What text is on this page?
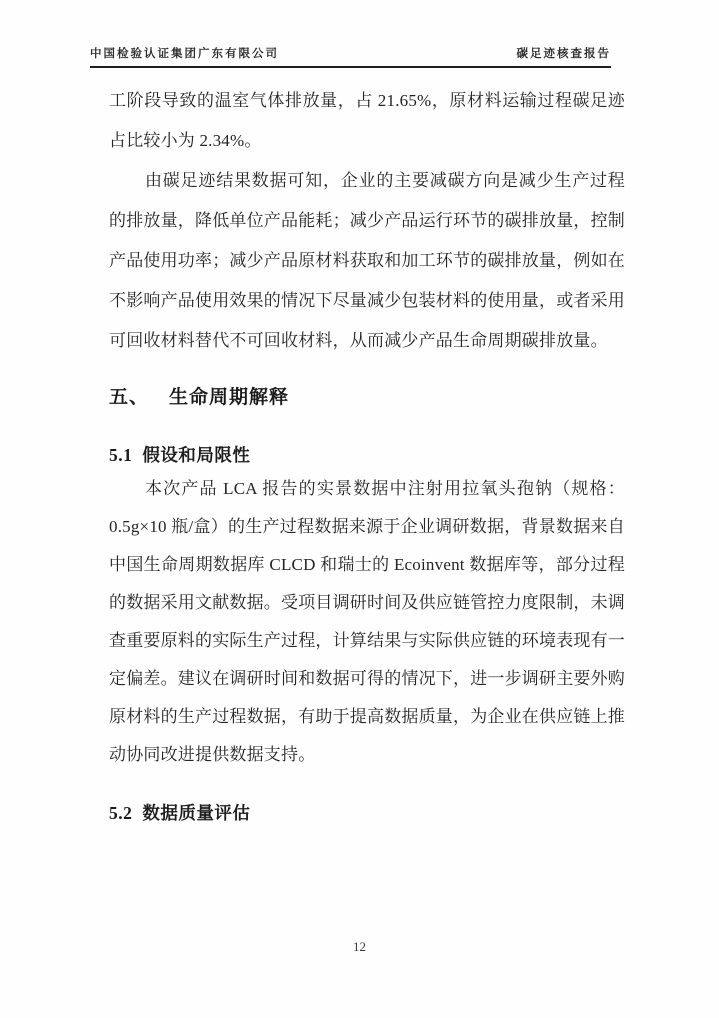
中国检验认证集团广东有限公司	碳足迹核查报告

工阶段导致的温室气体排放量，占 21.65%，原材料运输过程碳足迹占比较小为 2.34%。

由碳足迹结果数据可知，企业的主要减碳方向是减少生产过程的排放量，降低单位产品能耗；减少产品运行环节的碳排放量，控制产品使用功率；减少产品原材料获取和加工环节的碳排放量，例如在不影响产品使用效果的情况下尽量减少包装材料的使用量，或者采用可回收材料替代不可回收材料，从而减少产品生命周期碳排放量。

五、 生命周期解释
5.1 假设和局限性

本次产品 LCA 报告的实景数据中注射用拉氧头孢钠（规格：0.5g×10 瓶/盒）的生产过程数据来源于企业调研数据，背景数据来自中国生命周期数据库 CLCD 和瑞士的 Ecoinvent 数据库等，部分过程的数据采用文献数据。受项目调研时间及供应链管控力度限制，未调查重要原料的实际生产过程，计算结果与实际供应链的环境表现有一定偏差。建议在调研时间和数据可得的情况下，进一步调研主要外购原材料的生产过程数据，有助于提高数据质量，为企业在供应链上推动协同改进提供数据支持。

5.2 数据质量评估
12
